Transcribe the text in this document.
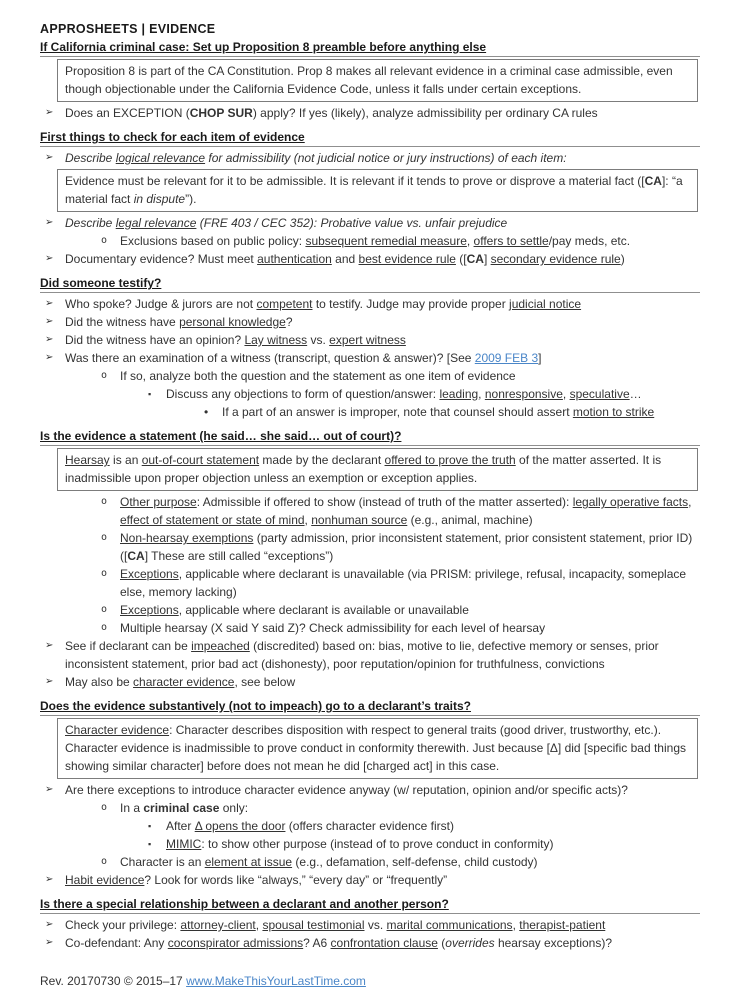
APPROSHEETS | EVIDENCE
If California criminal case: Set up Proposition 8 preamble before anything else
Proposition 8 is part of the CA Constitution. Prop 8 makes all relevant evidence in a criminal case admissible, even though objectionable under the California Evidence Code, unless it falls under certain exceptions.
➢ Does an EXCEPTION (CHOP SUR) apply? If yes (likely), analyze admissibility per ordinary CA rules
First things to check for each item of evidence
➢ Describe logical relevance for admissibility (not judicial notice or jury instructions) of each item:
Evidence must be relevant for it to be admissible. It is relevant if it tends to prove or disprove a material fact ([CA]: “a material fact in dispute”).
➢ Describe legal relevance (FRE 403 / CEC 352): Probative value vs. unfair prejudice
o Exclusions based on public policy: subsequent remedial measure, offers to settle/pay meds, etc.
➢ Documentary evidence? Must meet authentication and best evidence rule ([CA] secondary evidence rule)
Did someone testify?
➢ Who spoke? Judge & jurors are not competent to testify. Judge may provide proper judicial notice
➢ Did the witness have personal knowledge?
➢ Did the witness have an opinion? Lay witness vs. expert witness
➢ Was there an examination of a witness (transcript, question & answer)? [See 2009 FEB 3]
o If so, analyze both the question and the statement as one item of evidence
▪ Discuss any objections to form of question/answer: leading, nonresponsive, speculative…
• If a part of an answer is improper, note that counsel should assert motion to strike
Is the evidence a statement (he said… she said… out of court)?
Hearsay is an out-of-court statement made by the declarant offered to prove the truth of the matter asserted. It is inadmissible upon proper objection unless an exemption or exception applies.
o Other purpose: Admissible if offered to show (instead of truth of the matter asserted): legally operative facts, effect of statement or state of mind, nonhuman source (e.g., animal, machine)
o Non-hearsay exemptions (party admission, prior inconsistent statement, prior consistent statement, prior ID) ([CA] These are still called “exceptions”)
o Exceptions, applicable where declarant is unavailable (via PRISM: privilege, refusal, incapacity, someplace else, memory lacking)
o Exceptions, applicable where declarant is available or unavailable
o Multiple hearsay (X said Y said Z)? Check admissibility for each level of hearsay
➢ See if declarant can be impeached (discredited) based on: bias, motive to lie, defective memory or senses, prior inconsistent statement, prior bad act (dishonesty), poor reputation/opinion for truthfulness, convictions
➢ May also be character evidence, see below
Does the evidence substantively (not to impeach) go to a declarant’s traits?
Character evidence: Character describes disposition with respect to general traits (good driver, trustworthy, etc.). Character evidence is inadmissible to prove conduct in conformity therewith. Just because [Δ] did [specific bad things showing similar character] before does not mean he did [charged act] in this case.
➢ Are there exceptions to introduce character evidence anyway (w/ reputation, opinion and/or specific acts)?
o In a criminal case only:
▪ After Δ opens the door (offers character evidence first)
▪ MIMIC: to show other purpose (instead of to prove conduct in conformity)
o Character is an element at issue (e.g., defamation, self-defense, child custody)
➢ Habit evidence? Look for words like “always,” “every day” or “frequently”
Is there a special relationship between a declarant and another person?
➢ Check your privilege: attorney-client, spousal testimonial vs. marital communications, therapist-patient
➢ Co-defendant: Any coconspirator admissions? A6 confrontation clause (overrides hearsay exceptions)?
Rev. 20170730 © 2015–17 www.MakeThisYourLastTime.com
